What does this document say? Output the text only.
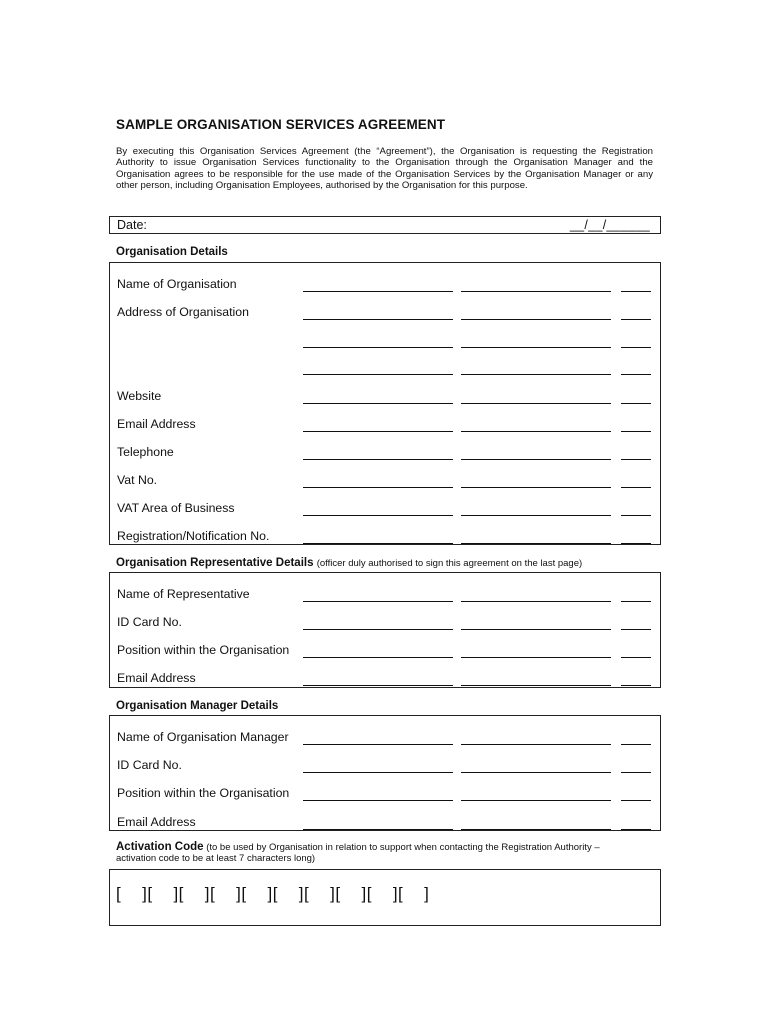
SAMPLE ORGANISATION SERVICES AGREEMENT
By executing this Organisation Services Agreement (the “Agreement”), the Organisation is requesting the Registration Authority to issue Organisation Services functionality to the Organisation through the Organisation Manager and the Organisation agrees to be responsible for the use made of the Organisation Services by the Organisation Manager or any other person, including Organisation Employees, authorised by the Organisation for this purpose.
Date:	__/__/______
Organisation Details
Name of Organisation
Address of Organisation
Website
Email Address
Telephone
Vat No.
VAT Area of Business
Registration/Notification No.
Organisation Representative Details (officer duly authorised to sign this agreement on the last page)
Name of Representative
ID Card No.
Position within the Organisation
Email Address
Organisation Manager Details
Name of Organisation Manager
ID Card No.
Position within the Organisation
Email Address
Activation Code (to be used by Organisation in relation to support when contacting the Registration Authority –
activation code to be at least 7 characters long)
[    ][    ][    ][    ][    ][    ][    ][    ][    ][    ]
